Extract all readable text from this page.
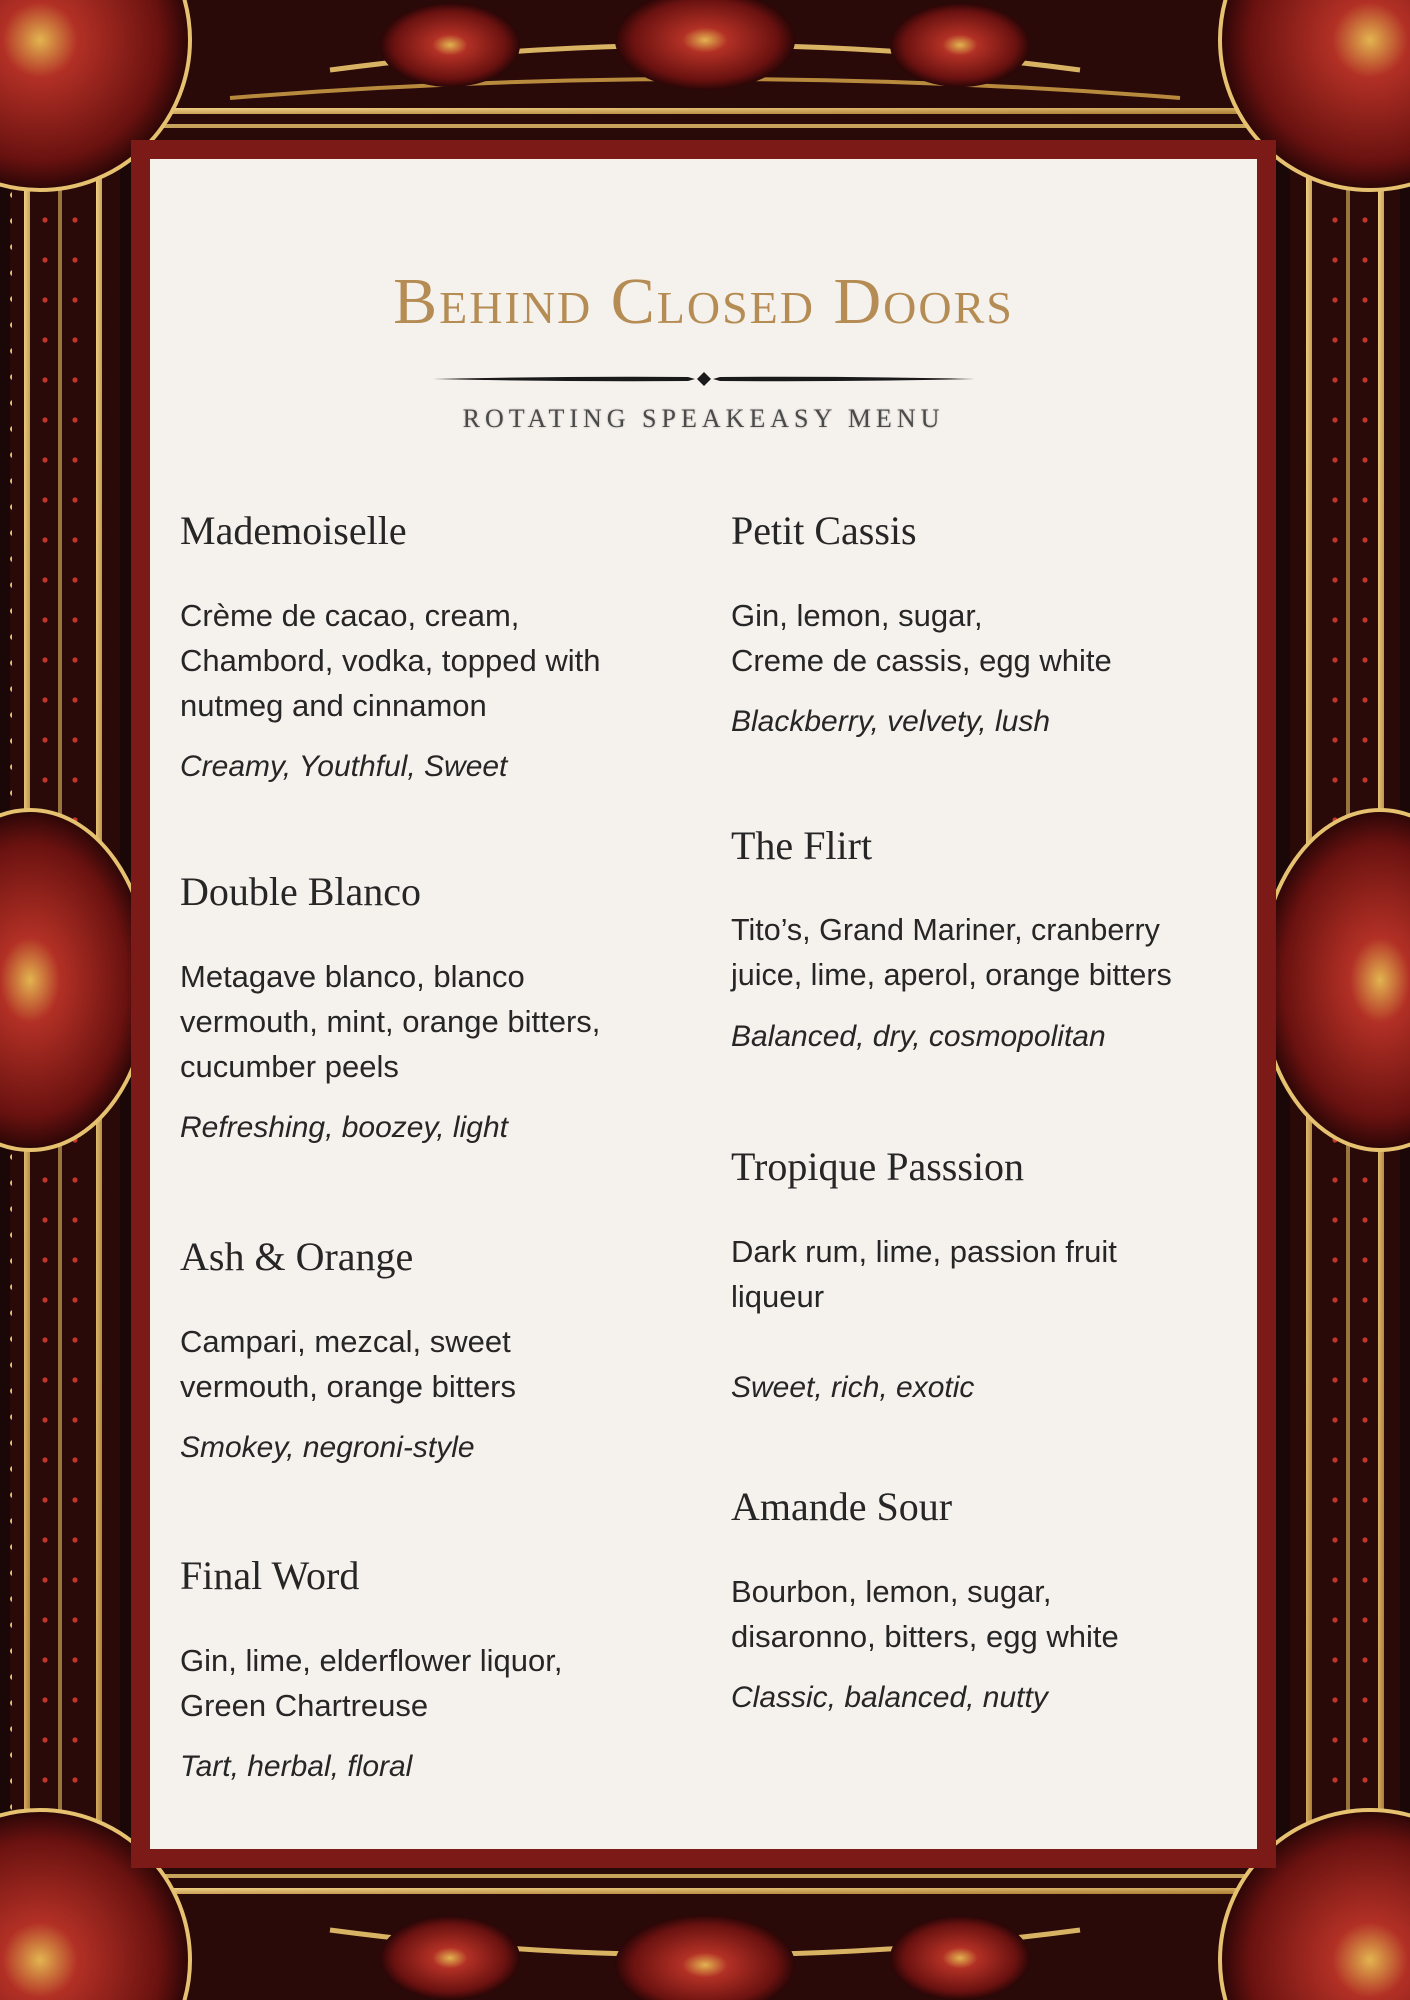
Behind Closed Doors
ROTATING SPEAKEASY MENU
Mademoiselle
Crème de cacao, cream,
Chambord, vodka, topped with
nutmeg and cinnamon
Creamy, Youthful, Sweet
Double Blanco
Metagave blanco, blanco
vermouth, mint, orange bitters,
cucumber peels
Refreshing, boozey, light
Ash & Orange
Campari, mezcal, sweet
vermouth, orange bitters
Smokey, negroni-style
Final Word
Gin, lime, elderflower liquor,
Green Chartreuse
Tart, herbal, floral
Petit Cassis
Gin, lemon, sugar,
Creme de cassis, egg white
Blackberry, velvety, lush
The Flirt
Tito’s, Grand Mariner, cranberry
juice, lime, aperol, orange bitters
Balanced, dry, cosmopolitan
Tropique Passsion
Dark rum, lime, passion fruit
liqueur
Sweet, rich, exotic
Amande Sour
Bourbon, lemon, sugar,
disaronno, bitters, egg white
Classic, balanced, nutty
